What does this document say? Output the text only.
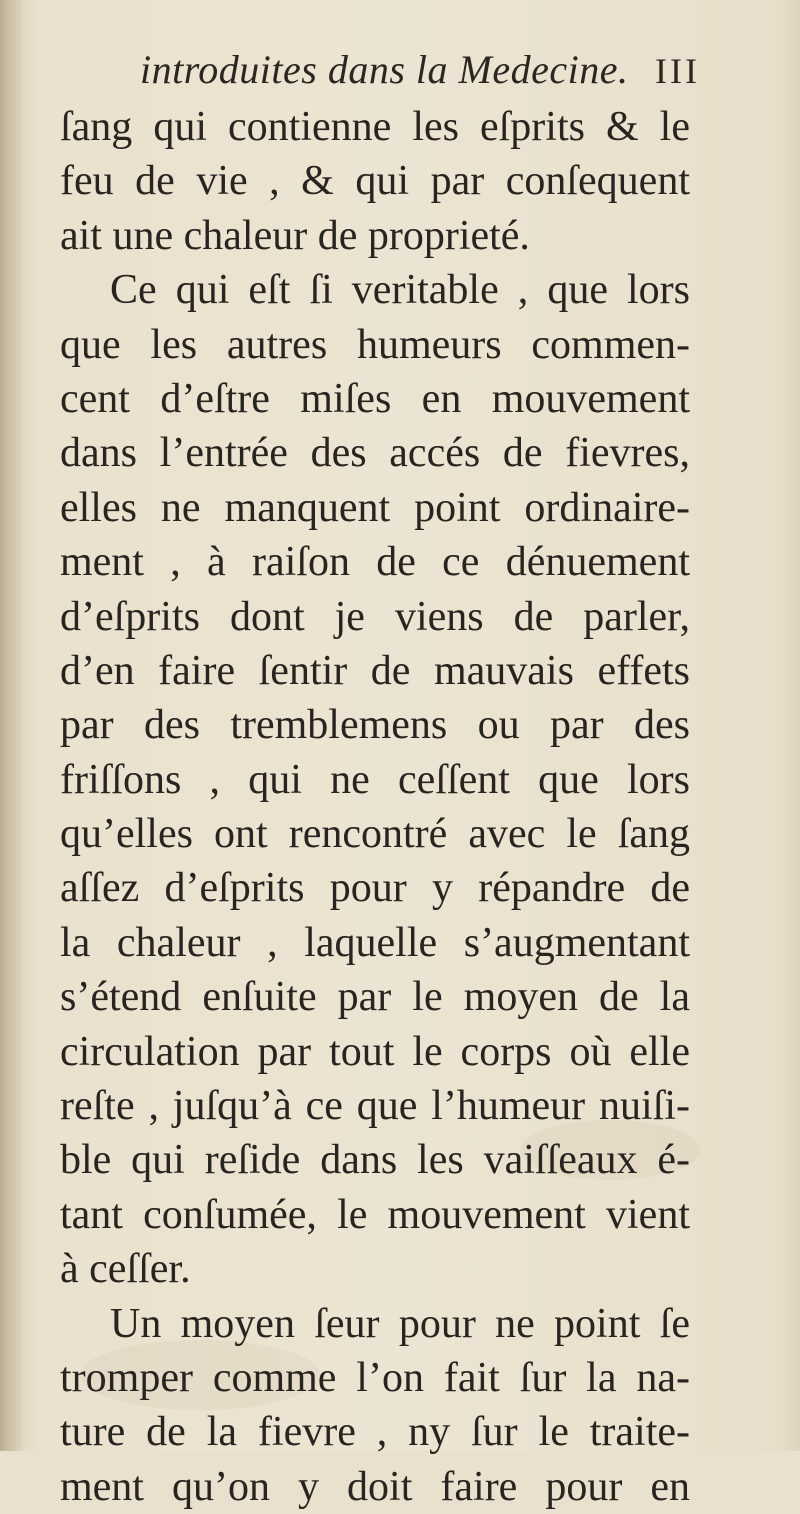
introduites dans la Medecine. III
ſang qui contienne les eſprits & le
feu de vie , & qui par conſequent
ait une chaleur de proprieté.
Ce qui eſt ſi veritable , que lors
que les autres humeurs commen-
cent d’eſtre miſes en mouvement
dans l’entrée des accés de fievres,
elles ne manquent point ordinaire-
ment , à raiſon de ce dénuement
d’eſprits dont je viens de parler,
d’en faire ſentir de mauvais effets
par des tremblemens ou par des
friſſons , qui ne ceſſent que lors
qu’elles ont rencontré avec le ſang
aſſez d’eſprits pour y répandre de
la chaleur , laquelle s’augmentant
s’étend enſuite par le moyen de la
circulation par tout le corps où elle
reſte , juſqu’à ce que l’humeur nuiſi-
ble qui reſide dans les vaiſſeaux é-
tant conſumée, le mouvement vient
à ceſſer.
Un moyen ſeur pour ne point ſe
tromper comme l’on fait ſur la na-
ture de la fievre , ny ſur le traite-
ment qu’on y doit faire pour en
